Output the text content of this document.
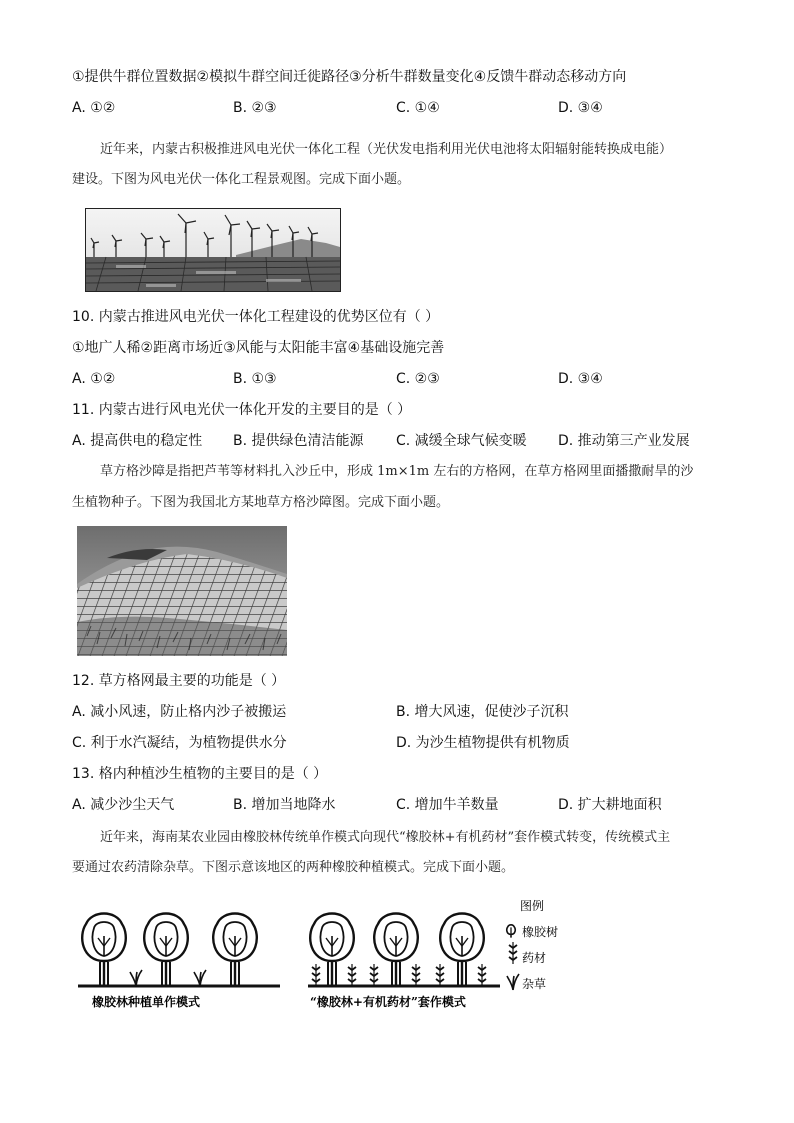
①提供牛群位置数据②模拟牛群空间迁徙路径③分析牛群数量变化④反馈牛群动态移动方向
A. ①②	B. ②③	C. ①④	D. ③④
近年来，内蒙古积极推进风电光伏一体化工程（光伏发电指利用光伏电池将太阳辐射能转换成电能）
建设。下图为风电光伏一体化工程景观图。完成下面小题。
10. 内蒙古推进风电光伏一体化工程建设的优势区位有（ ）
①地广人稀②距离市场近③风能与太阳能丰富④基础设施完善
A. ①②	B. ①③	C. ②③	D. ③④
11. 内蒙古进行风电光伏一体化开发的主要目的是（ ）
A. 提高供电的稳定性 B. 提供绿色清洁能源 C. 减缓全球气候变暖 D. 推动第三产业发展
草方格沙障是指把芦苇等材料扎入沙丘中，形成 1m×1m 左右的方格网，在草方格网里面播撒耐旱的沙
生植物种子。下图为我国北方某地草方格沙障图。完成下面小题。
12. 草方格网最主要的功能是（ ）
A. 减小风速，防止格内沙子被搬运	B. 增大风速，促使沙子沉积
C. 利于水汽凝结，为植物提供水分	D. 为沙生植物提供有机物质
13. 格内种植沙生植物的主要目的是（ ）
A. 减少沙尘天气	B. 增加当地降水	C. 增加牛羊数量	D. 扩大耕地面积
近年来，海南某农业园由橡胶林传统单作模式向现代“橡胶林+有机药材”套作模式转变，传统模式主
要通过农药清除杂草。下图示意该地区的两种橡胶种植模式。完成下面小题。
橡胶林种植单作模式	“橡胶林+有机药材”套作模式
图例
橡胶树
药材
杂草
